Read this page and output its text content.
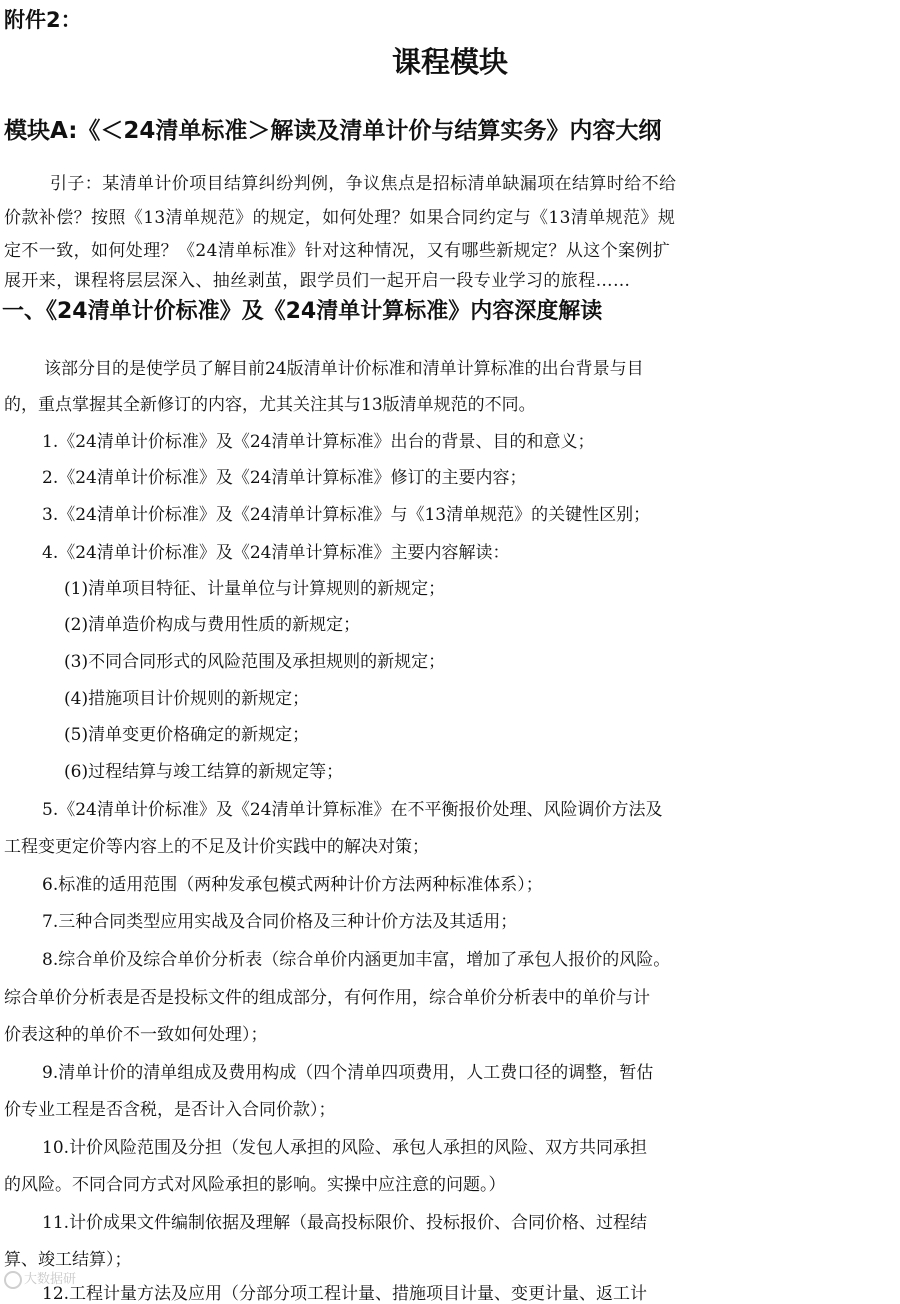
附件2：
课程模块
模块A:《＜24清单标准＞解读及清单计价与结算实务》内容大纲
引子：某清单计价项目结算纠纷判例，争议焦点是招标清单缺漏项在结算时给不给
价款补偿？按照《13清单规范》的规定，如何处理？如果合同约定与《13清单规范》规
定不一致，如何处理？《24清单标准》针对这种情况，又有哪些新规定？从这个案例扩
展开来，课程将层层深入、抽丝剥茧，跟学员们一起开启一段专业学习的旅程……
一、《24清单计价标准》及《24清单计算标准》内容深度解读
该部分目的是使学员了解目前24版清单计价标准和清单计算标准的出台背景与目
的，重点掌握其全新修订的内容，尤其关注其与13版清单规范的不同。
1.《24清单计价标准》及《24清单计算标准》出台的背景、目的和意义；
2.《24清单计价标准》及《24清单计算标准》修订的主要内容；
3.《24清单计价标准》及《24清单计算标准》与《13清单规范》的关键性区别；
4.《24清单计价标准》及《24清单计算标准》主要内容解读：
(1)清单项目特征、计量单位与计算规则的新规定；
(2)清单造价构成与费用性质的新规定；
(3)不同合同形式的风险范围及承担规则的新规定；
(4)措施项目计价规则的新规定；
(5)清单变更价格确定的新规定；
(6)过程结算与竣工结算的新规定等；
5.《24清单计价标准》及《24清单计算标准》在不平衡报价处理、风险调价方法及
工程变更定价等内容上的不足及计价实践中的解决对策；
6.标准的适用范围（两种发承包模式两种计价方法两种标准体系）；
7.三种合同类型应用实战及合同价格及三种计价方法及其适用；
8.综合单价及综合单价分析表（综合单价内涵更加丰富，增加了承包人报价的风险。
综合单价分析表是否是投标文件的组成部分，有何作用，综合单价分析表中的单价与计
价表这种的单价不一致如何处理）；
9.清单计价的清单组成及费用构成（四个清单四项费用，人工费口径的调整，暂估
价专业工程是否含税，是否计入合同价款）；
10.计价风险范围及分担（发包人承担的风险、承包人承担的风险、双方共同承担
的风险。不同合同方式对风险承担的影响。实操中应注意的问题。）
11.计价成果文件编制依据及理解（最高投标限价、投标报价、合同价格、过程结
算、竣工结算）；
12.工程计量方法及应用（分部分项工程计量、措施项目计量、变更计量、返工计
大数据研
